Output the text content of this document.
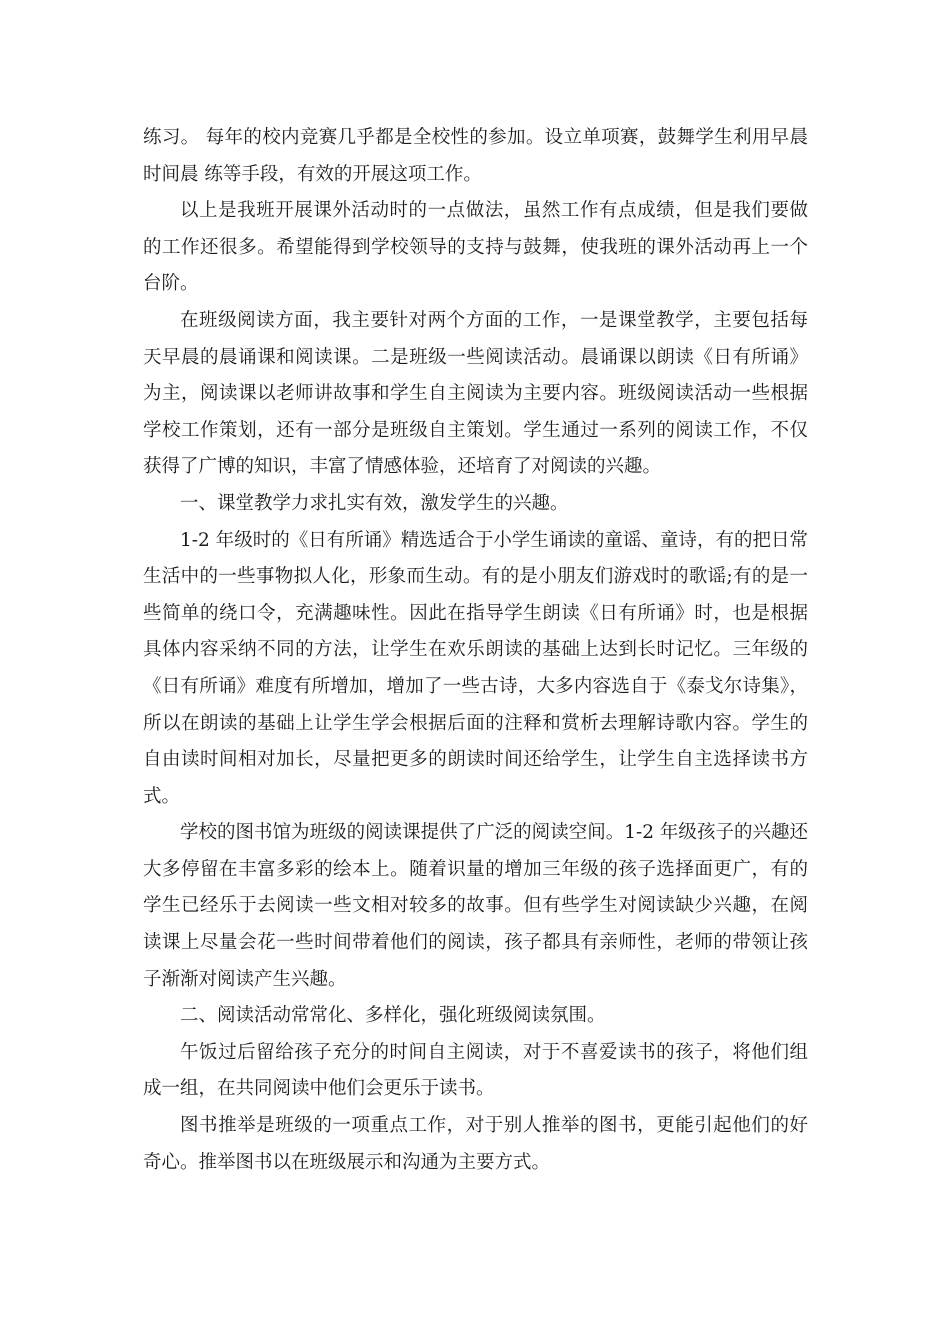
练习。 每年的校内竞赛几乎都是全校性的参加。设立单项赛，鼓舞学生利用早晨时间晨 练等手段，有效的开展这项工作。

以上是我班开展课外活动时的一点做法，虽然工作有点成绩，但是我们要做 的工作还很多。希望能得到学校领导的支持与鼓舞，使我班的课外活动再上一个 台阶。

在班级阅读方面，我主要针对两个方面的工作，一是课堂教学，主要包括每天早晨的晨诵课和阅读课。二是班级一些阅读活动。晨诵课以朗读《日有所诵》为主，阅读课以老师讲故事和学生自主阅读为主要内容。班级阅读活动一些根据学校工作策划，还有一部分是班级自主策划。学生通过一系列的阅读工作，不仅获得了广博的知识，丰富了情感体验，还培育了对阅读的兴趣。

一、课堂教学力求扎实有效，激发学生的兴趣。

1-2 年级时的《日有所诵》精选适合于小学生诵读的童谣、童诗，有的把日常生活中的一些事物拟人化，形象而生动。有的是小朋友们游戏时的歌谣;有的是一些简单的绕口令，充满趣味性。因此在指导学生朗读《日有所诵》时，也是根据具体内容采纳不同的方法，让学生在欢乐朗读的基础上达到长时记忆。三年级的《日有所诵》难度有所增加，增加了一些古诗，大多内容选自于《泰戈尔诗集》，所以在朗读的基础上让学生学会根据后面的注释和赏析去理解诗歌内容。学生的自由读时间相对加长，尽量把更多的朗读时间还给学生，让学生自主选择读书方式。

学校的图书馆为班级的阅读课提供了广泛的阅读空间。1-2 年级孩子的兴趣还大多停留在丰富多彩的绘本上。随着识量的增加三年级的孩子选择面更广，有的学生已经乐于去阅读一些文相对较多的故事。但有些学生对阅读缺少兴趣，在阅读课上尽量会花一些时间带着他们的阅读，孩子都具有亲师性，老师的带领让孩子渐渐对阅读产生兴趣。

二、阅读活动常常化、多样化，强化班级阅读氛围。

午饭过后留给孩子充分的时间自主阅读，对于不喜爱读书的孩子，将他们组成一组，在共同阅读中他们会更乐于读书。

图书推举是班级的一项重点工作，对于别人推举的图书，更能引起他们的好奇心。推举图书以在班级展示和沟通为主要方式。
